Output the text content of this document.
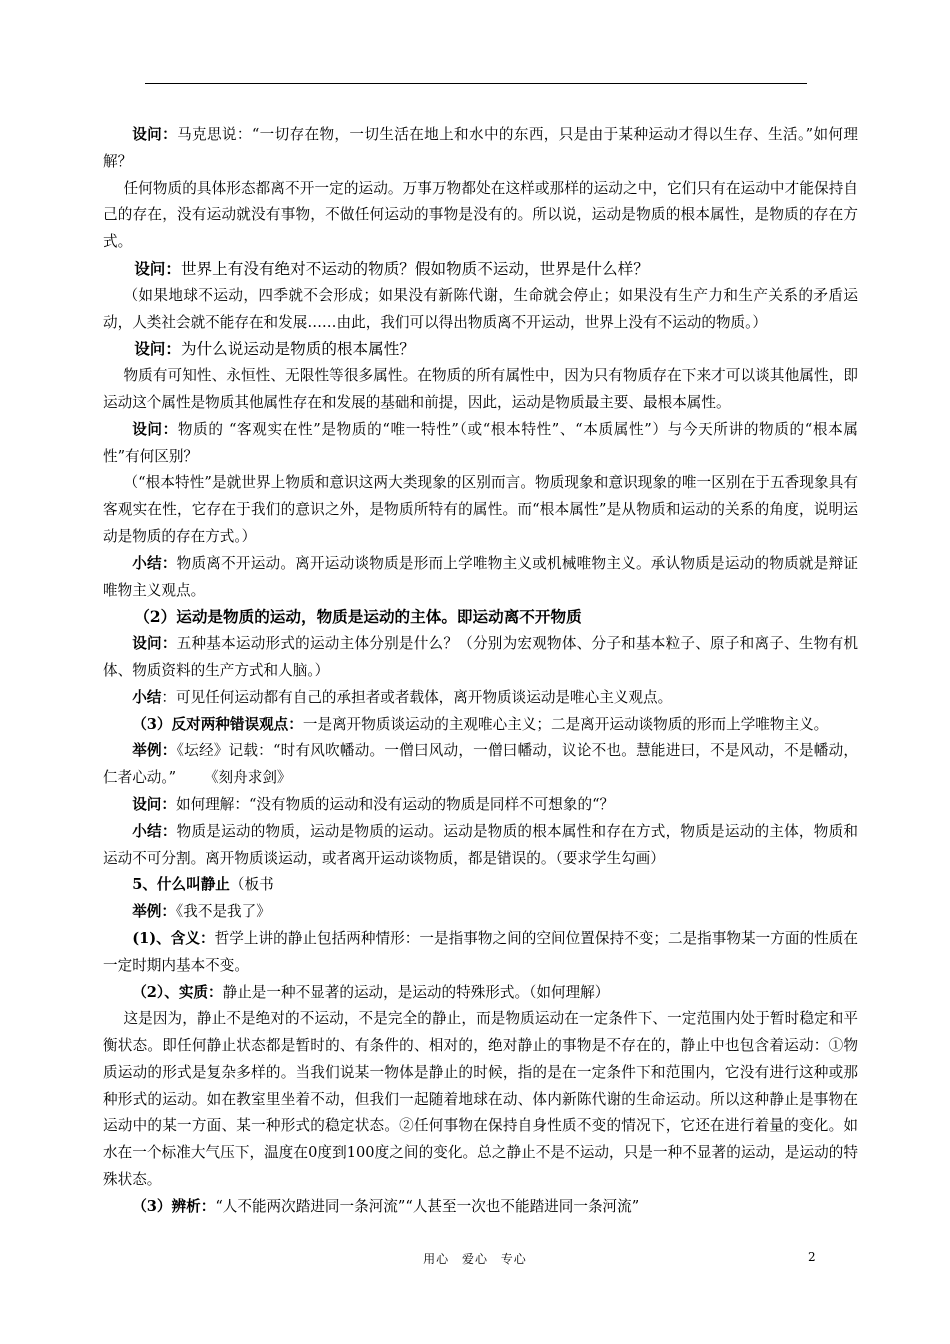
设问：马克思说：“一切存在物，一切生活在地上和水中的东西，只是由于某种运动才得以生存、生活。”如何理解？

任何物质的具体形态都离不开一定的运动。万事万物都处在这样或那样的运动之中，它们只有在运动中才能保持自己的存在，没有运动就没有事物，不做任何运动的事物是没有的。所以说，运动是物质的根本属性，是物质的存在方式。

设问：世界上有没有绝对不运动的物质？假如物质不运动，世界是什么样？

（如果地球不运动，四季就不会形成；如果没有新陈代谢，生命就会停止；如果没有生产力和生产关系的矛盾运动，人类社会就不能存在和发展……由此，我们可以得出物质离不开运动，世界上没有不运动的物质。）

设问：为什么说运动是物质的根本属性？

物质有可知性、永恒性、无限性等很多属性。在物质的所有属性中，因为只有物质存在下来才可以谈其他属性，即运动这个属性是物质其他属性存在和发展的基础和前提，因此，运动是物质最主要、最根本属性。

设问：物质的 “客观实在性”是物质的“唯一特性”（或“根本特性”、“本质属性”）与今天所讲的物质的“根本属性”有何区别？

（“根本特性”是就世界上物质和意识这两大类现象的区别而言。物质现象和意识现象的唯一区别在于五香现象具有客观实在性，它存在于我们的意识之外，是物质所特有的属性。而“根本属性”是从物质和运动的关系的角度，说明运动是物质的存在方式。）

小结：物质离不开运动。离开运动谈物质是形而上学唯物主义或机械唯物主义。承认物质是运动的物质就是辩证唯物主义观点。

（2）运动是物质的运动，物质是运动的主体。即运动离不开物质

设问：五种基本运动形式的运动主体分别是什么？（分别为宏观物体、分子和基本粒子、原子和离子、生物有机体、物质资料的生产方式和人脑。）

小结：可见任何运动都有自己的承担者或者载体，离开物质谈运动是唯心主义观点。

（3）反对两种错误观点：一是离开物质谈运动的主观唯心主义；二是离开运动谈物质的形而上学唯物主义。

举例：《坛经》记载：“时有风吹幡动。一僧曰风动，一僧曰幡动，议论不也。慧能进曰，不是风动，不是幡动，仁者心动。”      《刻舟求剑》

设问：如何理解：“没有物质的运动和没有运动的物质是同样不可想象的“？

小结：物质是运动的物质，运动是物质的运动。运动是物质的根本属性和存在方式，物质是运动的主体，物质和运动不可分割。离开物质谈运动，或者离开运动谈物质，都是错误的。（要求学生勾画）

5、什么叫静止（板书

举例：《我不是我了》

(1)、含义：哲学上讲的静止包括两种情形：一是指事物之间的空间位置保持不变；二是指事物某一方面的性质在一定时期内基本不变。

（2）、实质：静止是一种不显著的运动，是运动的特殊形式。（如何理解）

这是因为，静止不是绝对的不运动，不是完全的静止，而是物质运动在一定条件下、一定范围内处于暂时稳定和平衡状态。即任何静止状态都是暂时的、有条件的、相对的，绝对静止的事物是不存在的，静止中也包含着运动：①物质运动的形式是复杂多样的。当我们说某一物体是静止的时候，指的是在一定条件下和范围内，它没有进行这种或那种形式的运动。如在教室里坐着不动，但我们一起随着地球在动、体内新陈代谢的生命运动。所以这种静止是事物在运动中的某一方面、某一种形式的稳定状态。②任何事物在保持自身性质不变的情况下，它还在进行着量的变化。如水在一个标准大气压下，温度在0度到100度之间的变化。总之静止不是不运动，只是一种不显著的运动，是运动的特殊状态。

（3）辨析：“人不能两次踏进同一条河流”“人甚至一次也不能踏进同一条河流”

用心 爱心 专心	2
